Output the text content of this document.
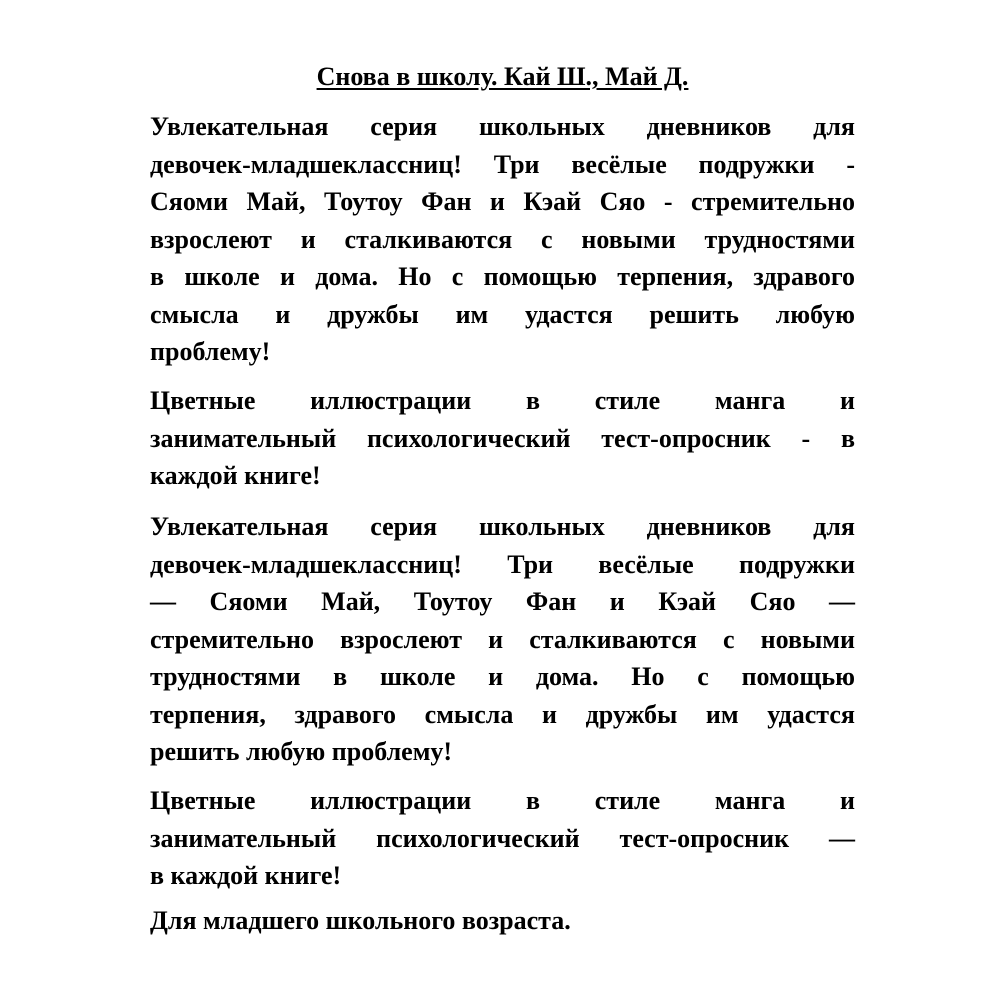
Снова в школу. Кай Ш., Май Д.
Увлекательная серия школьных дневников для
девочек-младшеклассниц! Три весёлые подружки -
Сяоми Май, Тоутоу Фан и Кэай Сяо - стремительно
взрослеют и сталкиваются с новыми трудностями
в школе и дома. Но с помощью терпения, здравого
смысла и дружбы им удастся решить любую
проблему!
Цветные иллюстрации в стиле манга и
занимательный психологический тест-опросник - в
каждой книге!
Увлекательная серия школьных дневников для
девочек-младшеклассниц! Три весёлые подружки
— Сяоми Май, Тоутоу Фан и Кэай Сяо —
стремительно взрослеют и сталкиваются с новыми
трудностями в школе и дома. Но с помощью
терпения, здравого смысла и дружбы им удастся
решить любую проблему!
Цветные иллюстрации в стиле манга и
занимательный психологический тест-опросник —
в каждой книге!
Для младшего школьного возраста.
